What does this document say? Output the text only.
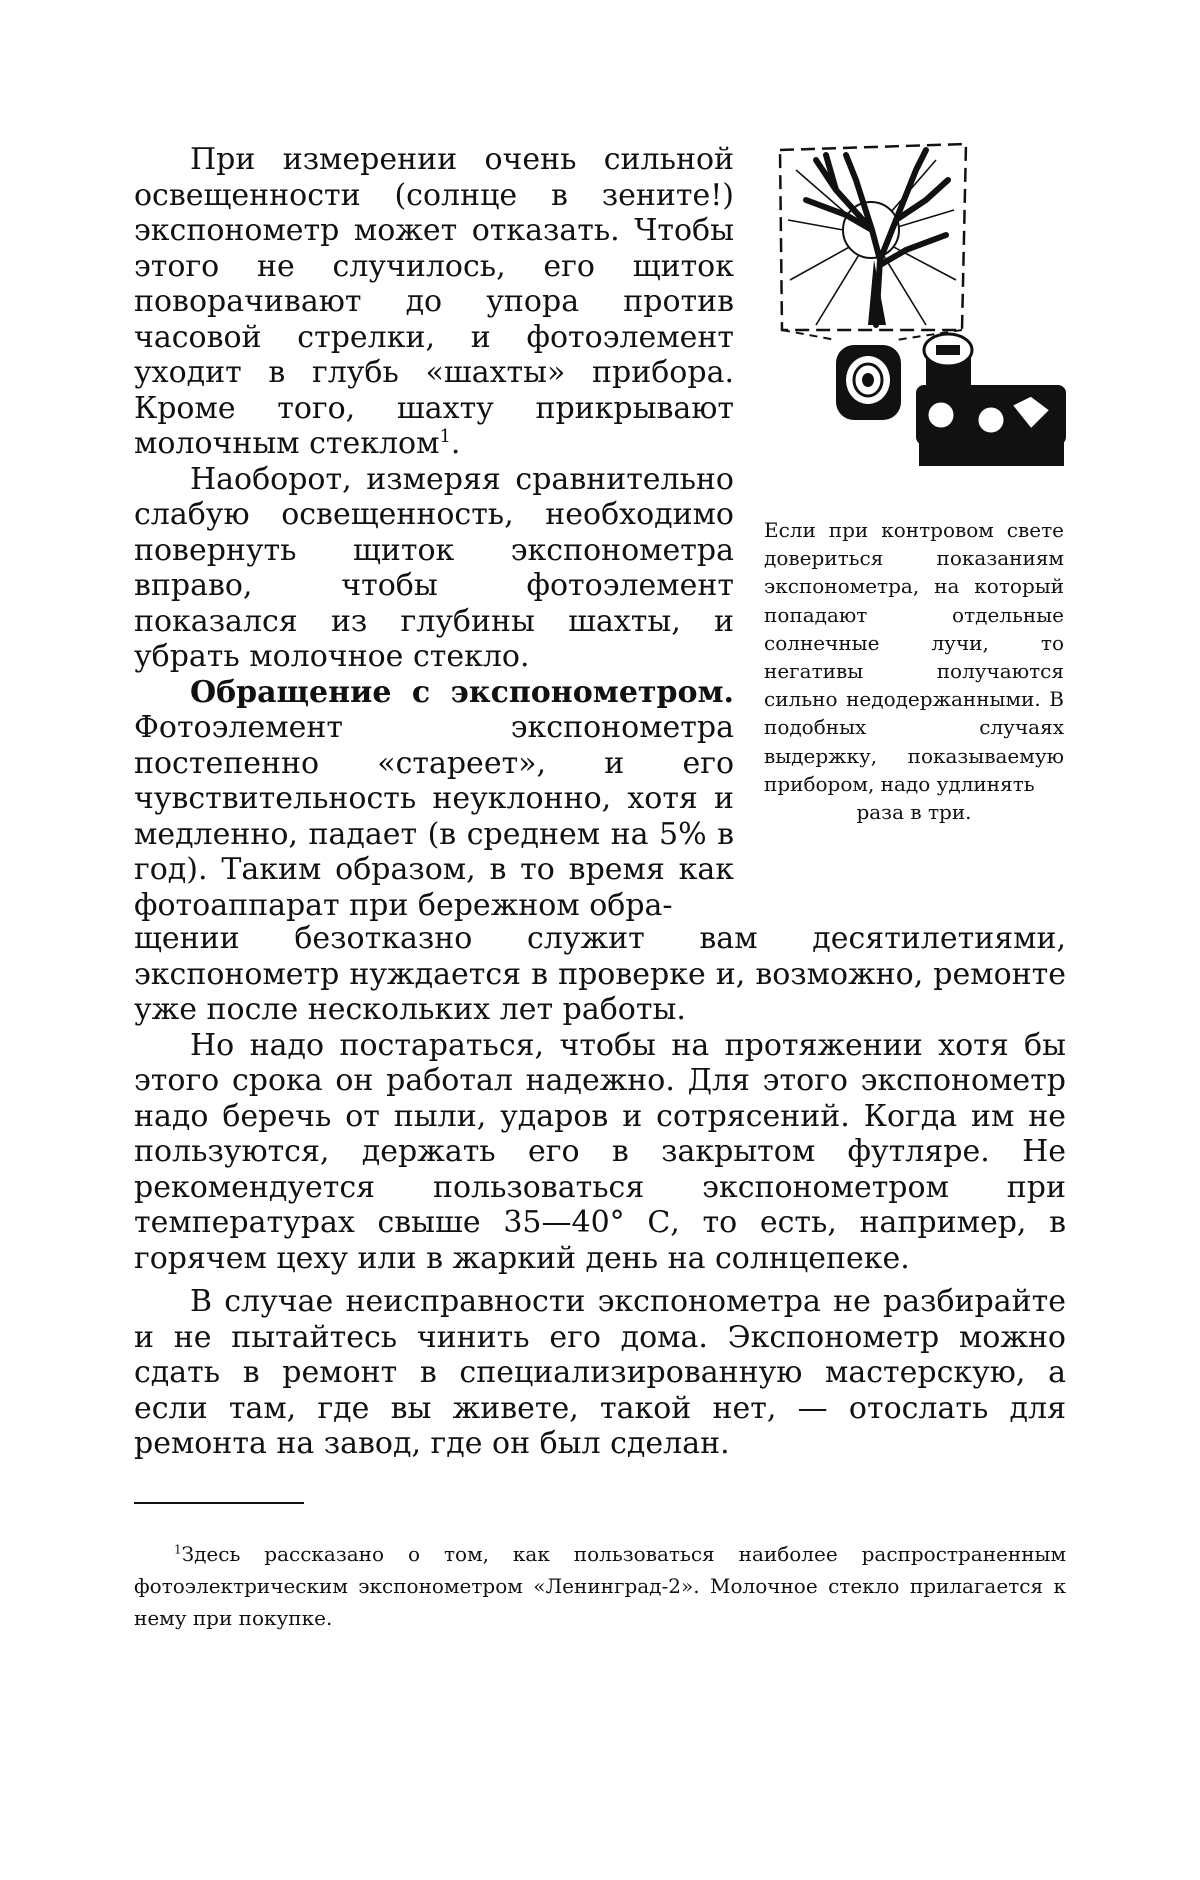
При измерении очень сильной освещенности (солнце в зените!) экспонометр может отказать. Чтобы этого не случилось, его щиток поворачивают до упора против часовой стрелки, и фотоэлемент уходит в глубь «шахты» прибора. Кроме того, шахту прикрывают молочным стеклом$^1$.

Наоборот, измеряя сравнительно слабую освещенность, необходимо повернуть щиток экспонометра вправо, чтобы фотоэлемент показался из глубины шахты, и убрать молочное стекло.

Обращение с экспонометром. Фотоэлемент экспонометра постепенно «стареет», и его чувствительность неуклонно, хотя и медленно, падает (в среднем на 5% в год). Таким образом, в то время как фотоаппарат при бережном обра-

Если при контровом свете довериться показаниям экспонометра, на который попадают отдельные солнечные лучи, то негативы получаются сильно недодержанными. В подобных случаях выдержку, показываемую прибором, надо удлинять
раза в три.

щении безотказно служит вам десятилетиями, экспонометр нуждается в проверке и, возможно, ремонте уже после нескольких лет работы.

Но надо постараться, чтобы на протяжении хотя бы этого срока он работал надежно. Для этого экспонометр надо беречь от пыли, ударов и сотрясений. Когда им не пользуются, держать его в закрытом футляре. Не рекомендуется пользоваться экспонометром при температурах свыше 35—40° С, то есть, например, в горячем цеху или в жаркий день на солнцепеке.

В случае неисправности экспонометра не разбирайте и не пытайтесь чинить его дома. Экспонометр можно сдать в ремонт в специализированную мастерскую, а если там, где вы живете, такой нет, — отослать для ремонта на завод, где он был сделан.

$^1$Здесь рассказано о том, как пользоваться наиболее распространенным фотоэлектрическим экспонометром «Ленинград-2». Молочное стекло прилагается к нему при покупке.
